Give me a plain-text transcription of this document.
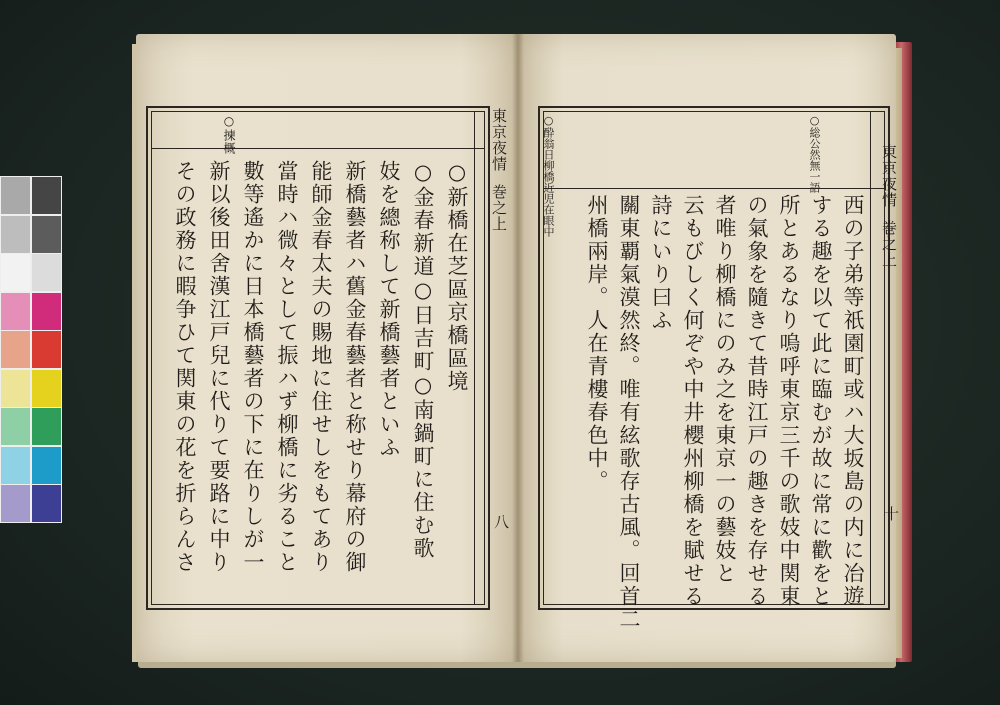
○揀概
○新橋在芝區京橋區境
○金春新道○日吉町○南鍋町に住む歌
妓を總称して新橋藝者といふ
新橋藝者ハ舊金春藝者と称せり幕府の御
能師金春太夫の賜地に住せしをもてあり
當時ハ微々として振ハず柳橋に劣ること
數等遙かに日本橋藝者の下に在りしが一
新以後田舍漢江戸兒に代りて要路に中り
その政務に暇争ひて関東の花を折らんさ
東京夜情
巻之上
八
○酔翁日柳橋近児在眼中	○総公然無一語
西の子弟等祇園町或ハ大坂島の内に冶遊
する趣を以て此に臨むが故に常に歡をと
所とあるなり嗚呼東京三千の歌妓中関東
の氣象を隨きて昔時江戸の趣きを存せる
者唯り柳橋にのみ之を東京一の藝妓と
云もびしく何ぞや中井櫻州柳橋を賦せる
詩にいり曰ふ
關東覇氣漠然終。唯有絃歌存古風。回首二
州橋兩岸。人在青樓春色中。
東京夜情
巻之上
十
